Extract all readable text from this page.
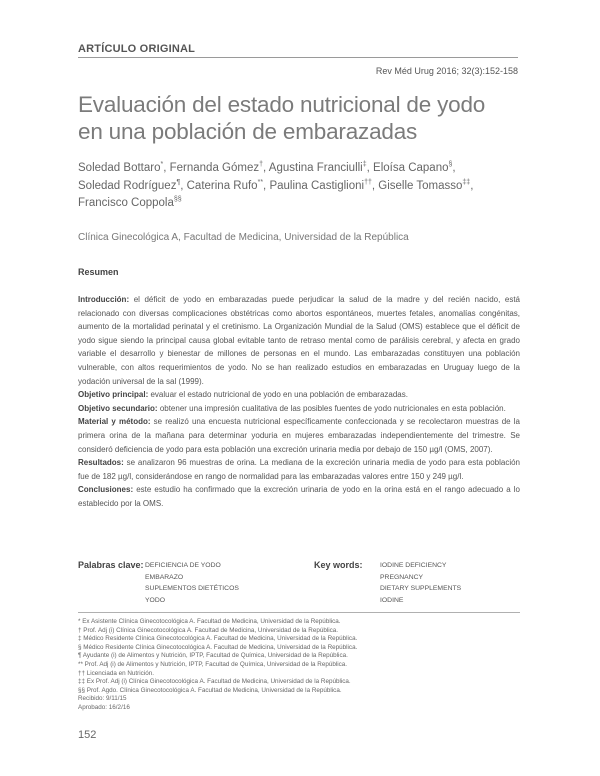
ARTÍCULO ORIGINAL
Rev Méd Urug 2016; 32(3):152-158
Evaluación del estado nutricional de yodo
en una población de embarazadas
Soledad Bottaro*, Fernanda Gómez†, Agustina Franciulli‡, Eloísa Capano§,
Soledad Rodríguez¶, Caterina Rufo**, Paulina Castiglioni††, Giselle Tomasso‡‡,
Francisco Coppola§§
Clínica Ginecológica A, Facultad de Medicina, Universidad de la República
Resumen

Introducción: el déficit de yodo en embarazadas puede perjudicar la salud de la madre y del recién nacido, está relacionado con diversas complicaciones obstétricas como abortos espontáneos, muertes fetales, anomalías congénitas, aumento de la mortalidad perinatal y el cretinismo. La Organización Mundial de la Salud (OMS) establece que el déficit de yodo sigue siendo la principal causa global evitable tanto de retraso mental como de parálisis cerebral, y afecta en grado variable el desarrollo y bienestar de millones de personas en el mundo. Las embarazadas constituyen una población vulnerable, con altos requerimientos de yodo. No se han realizado estudios en embarazadas en Uruguay luego de la yodación universal de la sal (1999).

Objetivo principal: evaluar el estado nutricional de yodo en una población de embarazadas.

Objetivo secundario: obtener una impresión cualitativa de las posibles fuentes de yodo nutricionales en esta población.

Material y método: se realizó una encuesta nutricional específicamente confeccionada y se recolectaron muestras de la primera orina de la mañana para determinar yoduria en mujeres embarazadas independientemente del trimestre. Se consideró deficiencia de yodo para esta población una excreción urinaria media por debajo de 150 µg/l (OMS, 2007).

Resultados: se analizaron 96 muestras de orina. La mediana de la excreción urinaria media de yodo para esta población fue de 182 µg/l, considerándose en rango de normalidad para las embarazadas valores entre 150 y 249 µg/l.

Conclusiones: este estudio ha confirmado que la excreción urinaria de yodo en la orina está en el rango adecuado a lo establecido por la OMS.

Palabras clave: DEFICIENCIA DE YODO
EMBARAZO
SUPLEMENTOS DIETÉTICOS
YODO
Key words:	IODINE DEFICIENCY
PREGNANCY
DIETARY SUPPLEMENTS
IODINE
* Ex Asistente Clínica Ginecotocológica A. Facultad de Medicina, Universidad de la República.
† Prof. Adj (i) Clínica Ginecotocológica A. Facultad de Medicina, Universidad de la República.
‡ Médico Residente Clínica Ginecotocológica A. Facultad de Medicina, Universidad de la República.
§ Médico Residente Clínica Ginecotocológica A. Facultad de Medicina, Universidad de la República.
¶ Ayudante (i) de Alimentos y Nutrición, IPTP, Facultad de Química, Universidad de la República.
** Prof. Adj (i) de Alimentos y Nutrición, IPTP, Facultad de Química, Universidad de la República.
†† Licenciada en Nutrición.
‡‡ Ex Prof. Adj (i) Clínica Ginecotocológica A. Facultad de Medicina, Universidad de la República.
§§ Prof. Agdo. Clínica Ginecotocológica A. Facultad de Medicina, Universidad de la República.
Recibido: 9/11/15
Aprobado: 16/2/16
152
